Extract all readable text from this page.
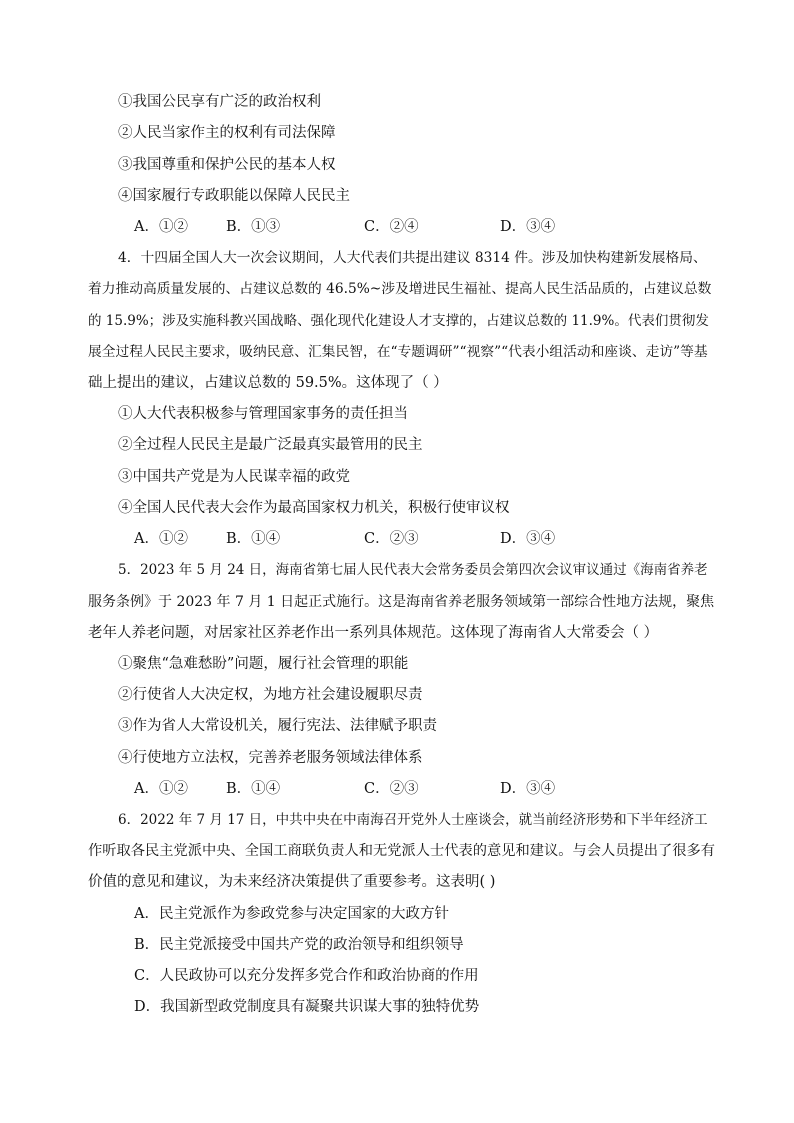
①我国公民享有广泛的政治权利
②人民当家作主的权利有司法保障
③我国尊重和保护公民的基本人权
④国家履行专政职能以保障人民民主
A．①②	B．①③	C．②④	D．③④
4．十四届全国人大一次会议期间，人大代表们共提出建议 8314 件。涉及加快构建新发展格局、
着力推动高质量发展的、占建议总数的 46.5%~涉及增进民生福祉、提高人民生活品质的，占建议总数
的 15.9%；涉及实施科教兴国战略、强化现代化建设人才支撑的，占建议总数的 11.9%。代表们贯彻发
展全过程人民民主要求，吸纳民意、汇集民智，在“专题调研”“视察”“代表小组活动和座谈、走访”等基
础上提出的建议，占建议总数的 59.5%。这体现了（ ）
①人大代表积极参与管理国家事务的责任担当
②全过程人民民主是最广泛最真实最管用的民主
③中国共产党是为人民谋幸福的政党
④全国人民代表大会作为最高国家权力机关，积极行使审议权
A．①②	B．①④	C．②③	D．③④
5．2023 年 5 月 24 日，海南省第七届人民代表大会常务委员会第四次会议审议通过《海南省养老
服务条例》于 2023 年 7 月 1 日起正式施行。这是海南省养老服务领域第一部综合性地方法规，聚焦
老年人养老问题，对居家社区养老作出一系列具体规范。这体现了海南省人大常委会（ ）
①聚焦“急难愁盼”问题，履行社会管理的职能
②行使省人大决定权，为地方社会建设履职尽责
③作为省人大常设机关，履行宪法、法律赋予职责
④行使地方立法权，完善养老服务领域法律体系
A．①②	B．①④	C．②③	D．③④
6．2022 年 7 月 17 日，中共中央在中南海召开党外人士座谈会，就当前经济形势和下半年经济工
作听取各民主党派中央、全国工商联负责人和无党派人士代表的意见和建议。与会人员提出了很多有
价值的意见和建议，为未来经济决策提供了重要参考。这表明( )
A．民主党派作为参政党参与决定国家的大政方针
B．民主党派接受中国共产党的政治领导和组织领导
C．人民政协可以充分发挥多党合作和政治协商的作用
D．我国新型政党制度具有凝聚共识谋大事的独特优势
